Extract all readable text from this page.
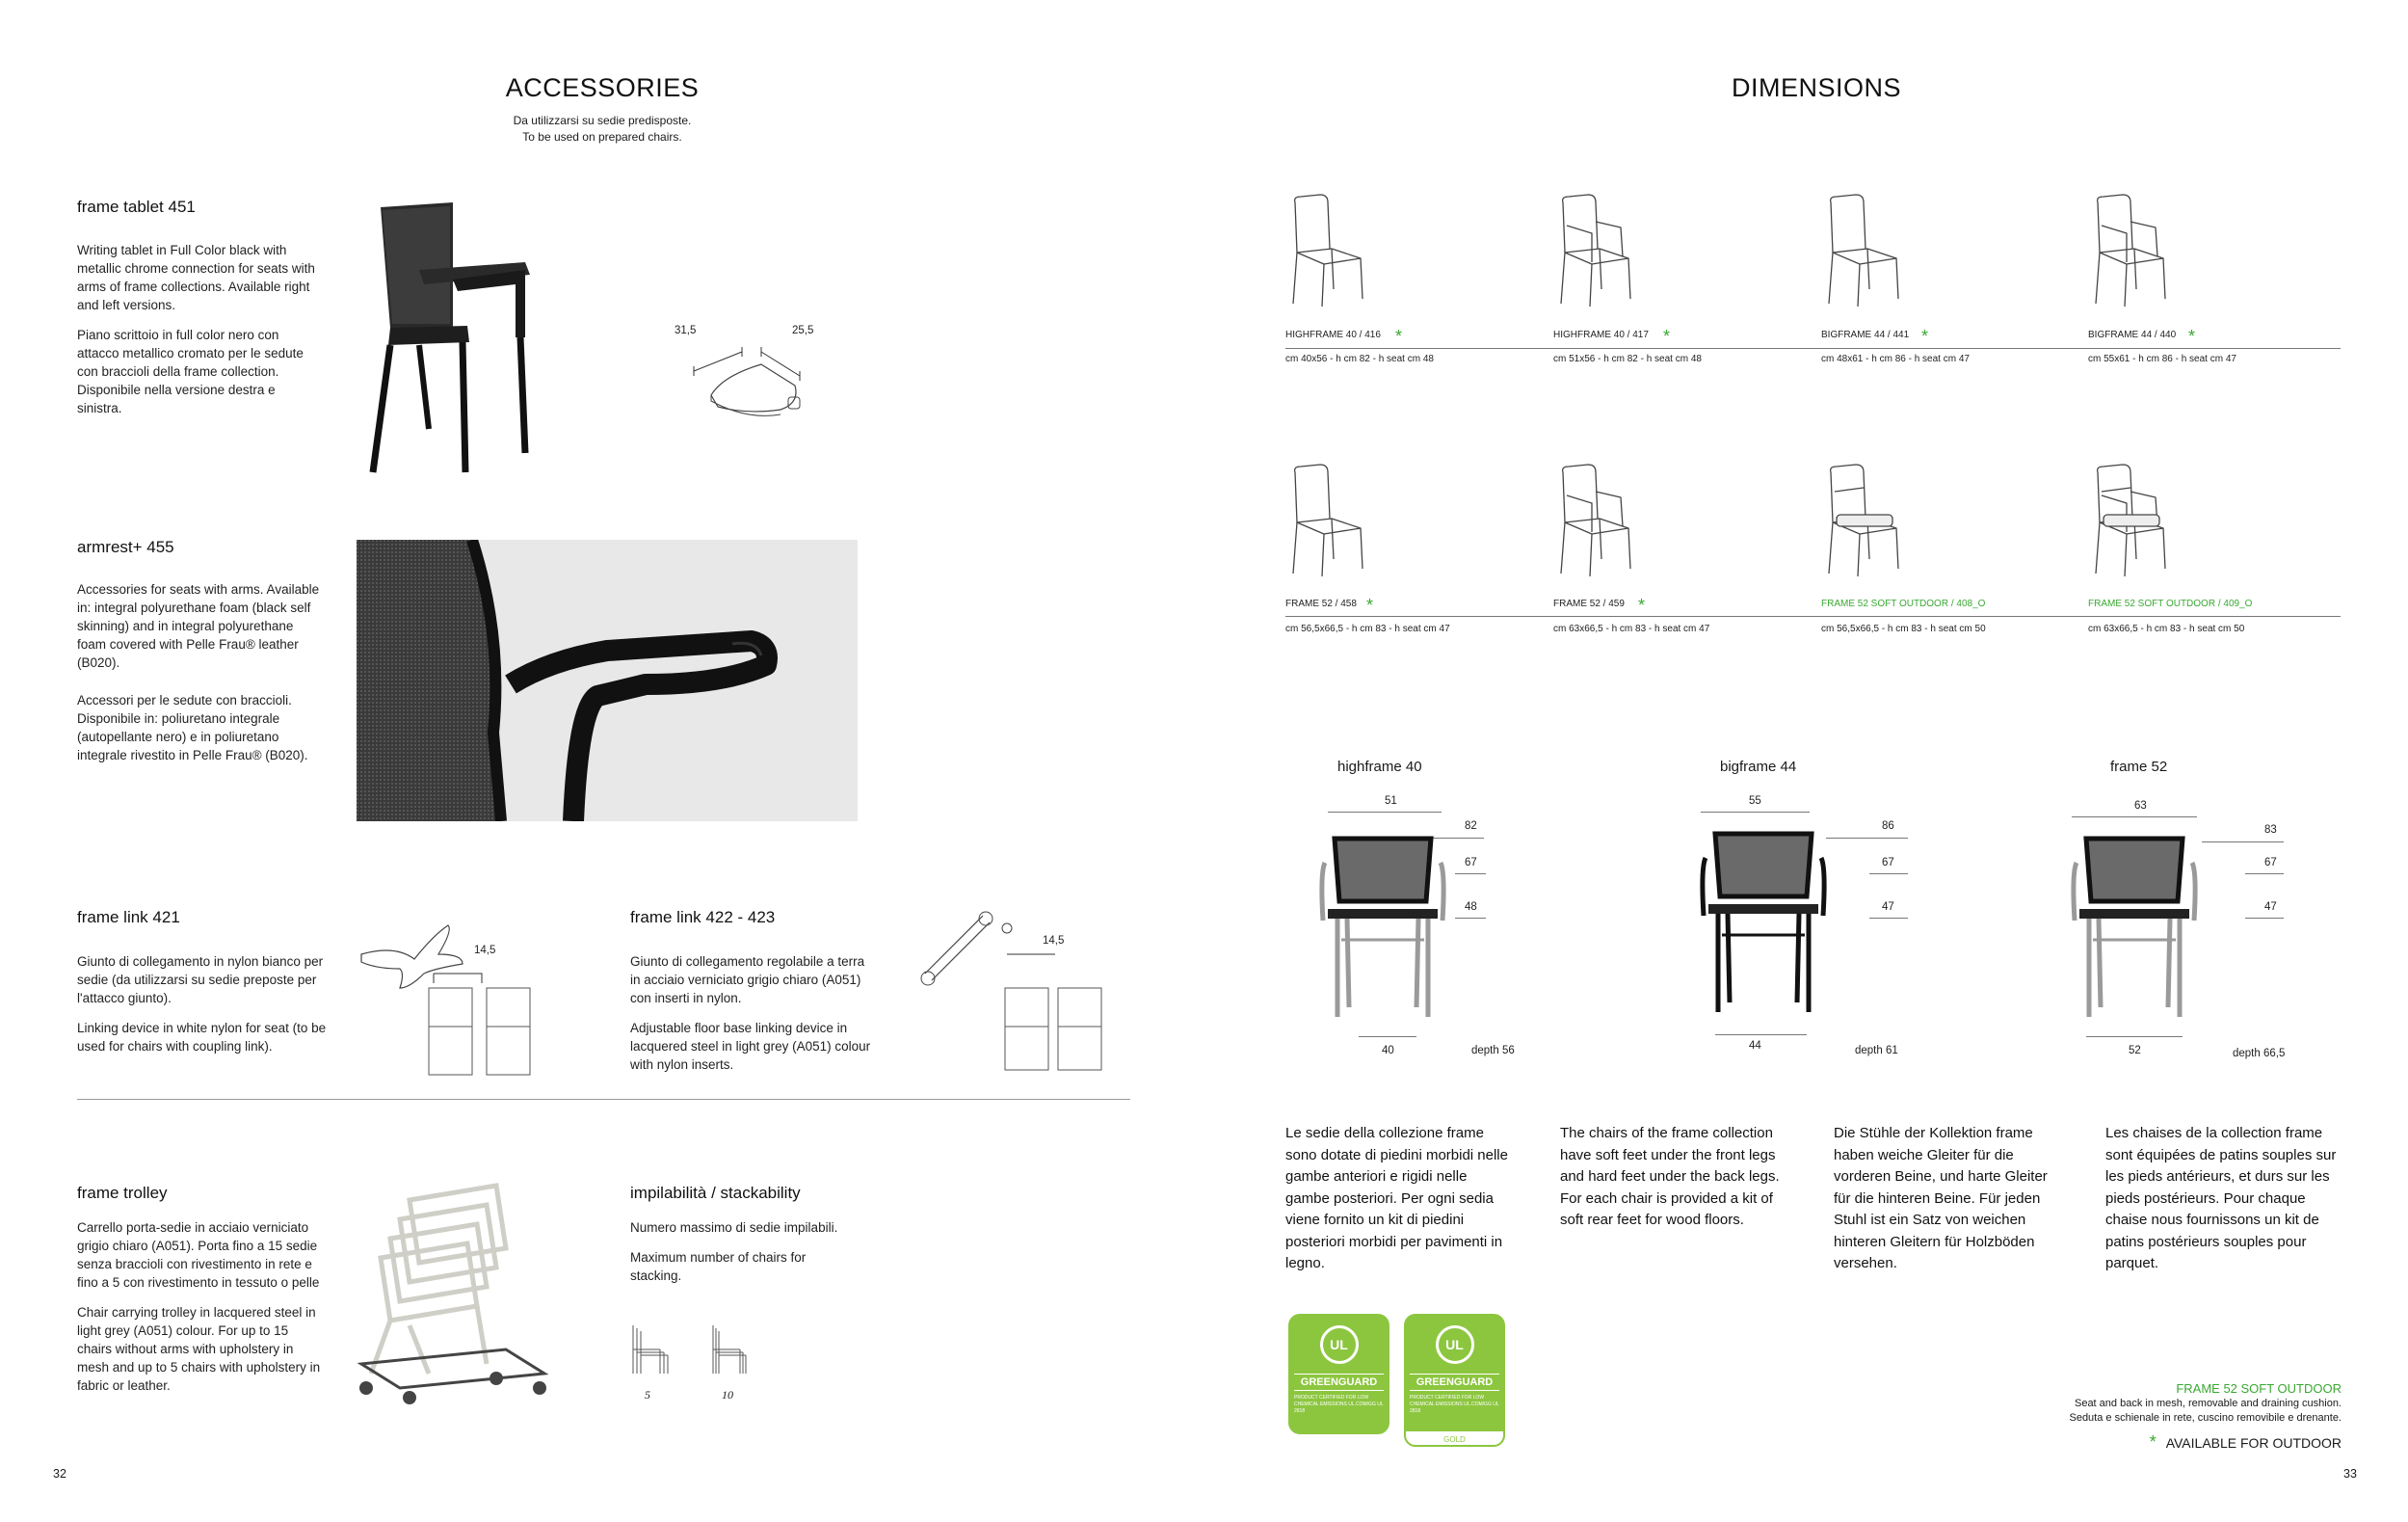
ACCESSORIES
Da utilizzarsi su sedie predisposte.
To be used on prepared chairs.
frame tablet 451

Writing tablet in Full Color black with metallic chrome connection for seats with arms of frame collections. Available right and left versions.

Piano scrittoio in full color nero con attacco metallico cromato per le sedute con braccioli della frame collection. Disponibile nella versione destra e sinistra.

31,5	25,5
armrest+ 455

Accessories for seats with arms. Available in: integral polyurethane foam (black self skinning) and in integral polyurethane foam covered with Pelle Frau® leather (B020).

Accessori per le sedute con braccioli. Disponibile in: poliuretano integrale (autopellante nero) e in poliuretano integrale rivestito in Pelle Frau® (B020).

frame link 421

Giunto di collegamento in nylon bianco per sedie (da utilizzarsi su sedie preposte per l'attacco giunto).

Linking device in white nylon for seat (to be used for chairs with coupling link).

14,5
frame link 422 - 423

Giunto di collegamento regolabile a terra in acciaio verniciato grigio chiaro (A051) con inserti in nylon.

Adjustable floor base linking device in lacquered steel in light grey (A051) colour with nylon inserts.

14,5
frame trolley

Carrello porta-sedie in acciaio verniciato grigio chiaro (A051). Porta fino a 15 sedie senza braccioli con rivestimento in rete e fino a 5 con rivestimento in tessuto o pelle

Chair carrying trolley in lacquered steel in light grey (A051) colour. For up to 15 chairs without arms with upholstery in mesh and up to 5 chairs with upholstery in fabric or leather.

impilabilità / stackability

Numero massimo di sedie impilabili.

Maximum number of chairs for stacking.

5	10
32
DIMENSIONS
HIGHFRAME 40 / 416 *
cm 40x56 - h cm 82 - h seat cm 48
HIGHFRAME 40 / 417 *
cm 51x56 - h cm 82 - h seat cm 48
BIGFRAME 44 / 441 *
cm 48x61 - h cm 86 - h seat cm 47
BIGFRAME 44 / 440 *
cm 55x61 - h cm 86 - h seat cm 47
FRAME 52 / 458 *
cm 56,5x66,5 - h cm 83 - h seat cm 47
FRAME 52 / 459 *
cm 63x66,5 - h cm 83 - h seat cm 47
FRAME 52 SOFT OUTDOOR / 408_O
cm 56,5x66,5 - h cm 83 - h seat cm 50
FRAME 52 SOFT OUTDOOR / 409_O
cm 63x66,5 - h cm 83 - h seat cm 50
highframe 40
51
82
67
48
40	depth 56
bigframe 44
55
86
67
47
44	depth 61
frame 52
63
83
67
47
52	depth 66,5
Le sedie della collezione frame sono dotate di piedini morbidi nelle gambe anteriori e rigidi nelle gambe posteriori. Per ogni sedia viene fornito un kit di piedini posteriori morbidi per pavimenti in legno.
The chairs of the frame collection have soft feet under the front legs and hard feet under the back legs. For each chair is provided a kit of soft rear feet for wood floors.
Die Stühle der Kollektion frame haben weiche Gleiter für die vorderen Beine, und harte Gleiter für die hinteren Beine. Für jeden Stuhl ist ein Satz von weichen hinteren Gleitern für Holzböden versehen.
Les chaises de la collection frame sont équipées de patins souples sur les pieds antérieurs, et durs sur les pieds postérieurs. Pour chaque chaise nous fournissons un kit de patins postérieurs souples pour parquet.
UL
GREENGUARD
PRODUCT CERTIFIED FOR LOW CHEMICAL EMISSIONS UL.COM/GG UL 2818
UL
GREENGUARD
PRODUCT CERTIFIED FOR LOW CHEMICAL EMISSIONS UL.COM/GG UL 2818
GOLD
FRAME 52 SOFT OUTDOOR
Seat and back in mesh, removable and draining cushion.
Seduta e schienale in rete, cuscino removibile e drenante.
* AVAILABLE FOR OUTDOOR
33
